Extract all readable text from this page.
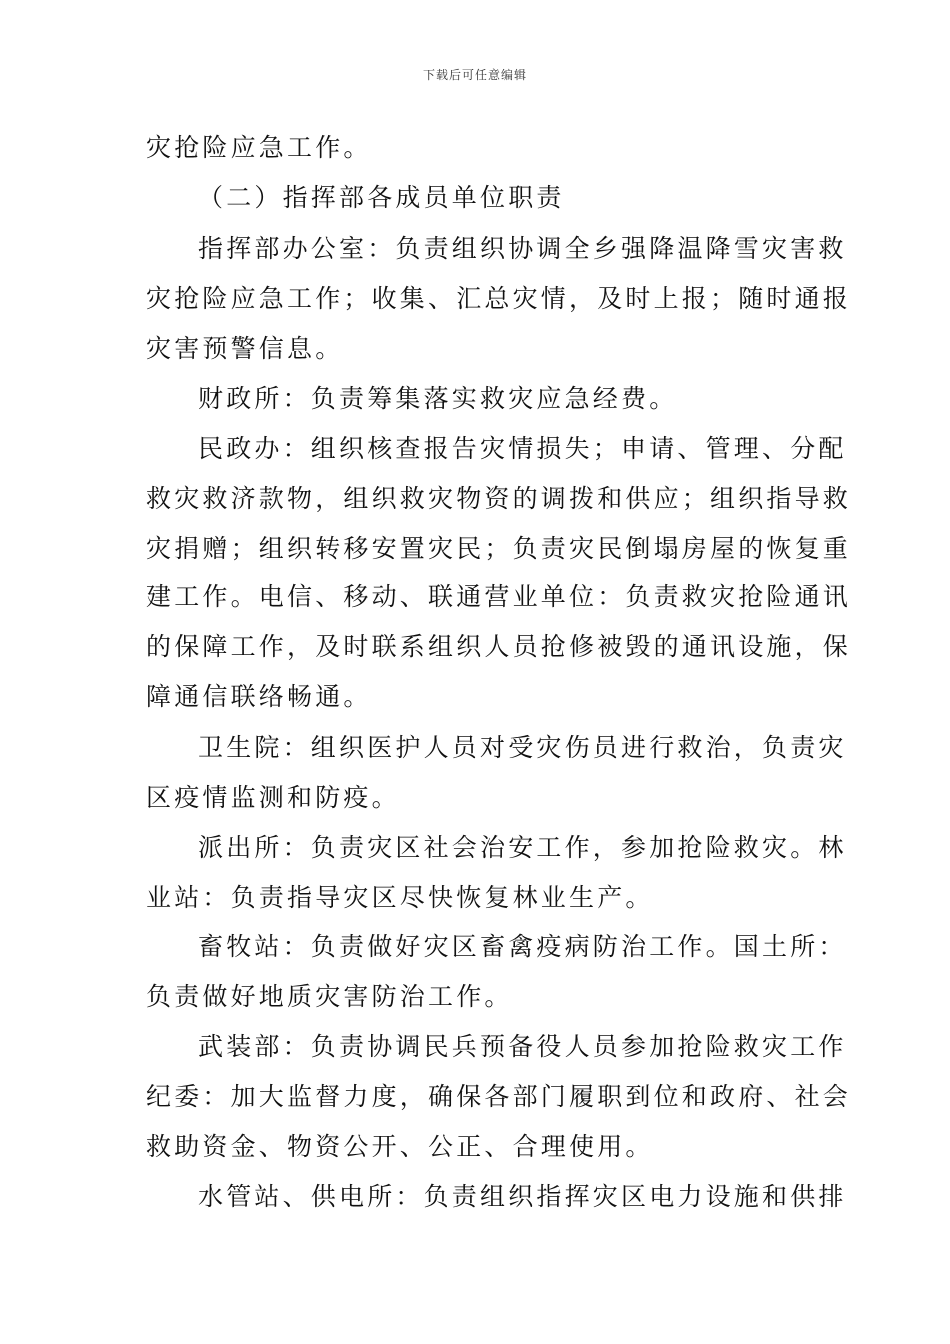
下载后可任意编辑
灾抢险应急工作。
（二）指挥部各成员单位职责
指挥部办公室：负责组织协调全乡强降温降雪灾害救
灾抢险应急工作；收集、汇总灾情，及时上报；随时通报
灾害预警信息。
财政所：负责筹集落实救灾应急经费。
民政办：组织核查报告灾情损失；申请、管理、分配
救灾救济款物，组织救灾物资的调拨和供应；组织指导救
灾捐赠；组织转移安置灾民；负责灾民倒塌房屋的恢复重
建工作。电信、移动、联通营业单位：负责救灾抢险通讯
的保障工作，及时联系组织人员抢修被毁的通讯设施，保
障通信联络畅通。
卫生院：组织医护人员对受灾伤员进行救治，负责灾
区疫情监测和防疫。
派出所：负责灾区社会治安工作，参加抢险救灾。林
业站：负责指导灾区尽快恢复林业生产。
畜牧站：负责做好灾区畜禽疫病防治工作。国土所：
负责做好地质灾害防治工作。
武装部：负责协调民兵预备役人员参加抢险救灾工作
纪委：加大监督力度，确保各部门履职到位和政府、社会
救助资金、物资公开、公正、合理使用。
水管站、供电所：负责组织指挥灾区电力设施和供排
